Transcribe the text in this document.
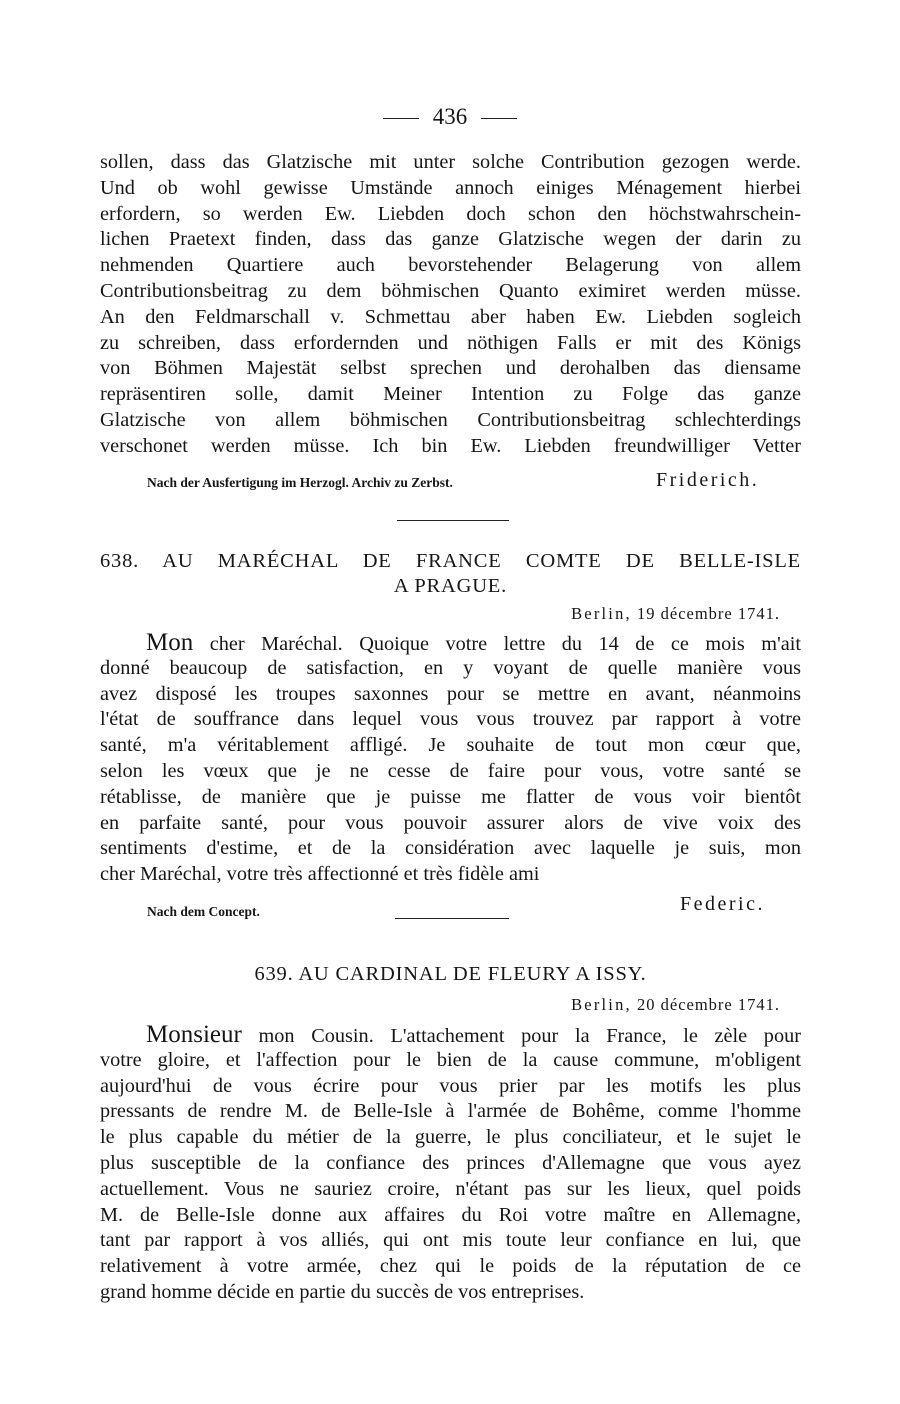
436
sollen, dass das Glatzische mit unter solche Contribution gezogen werde.
Und ob wohl gewisse Umstände annoch einiges Ménagement hierbei
erfordern, so werden Ew. Liebden doch schon den höchstwahrschein-
lichen Praetext finden, dass das ganze Glatzische wegen der darin zu
nehmenden Quartiere auch bevorstehender Belagerung von allem
Contributionsbeitrag zu dem böhmischen Quanto eximiret werden müsse.
An den Feldmarschall v. Schmettau aber haben Ew. Liebden sogleich
zu schreiben, dass erfordernden und nöthigen Falls er mit des Königs
von Böhmen Majestät selbst sprechen und derohalben das diensame
repräsentiren solle, damit Meiner Intention zu Folge das ganze
Glatzische von allem böhmischen Contributionsbeitrag schlechterdings
verschonet werden müsse. Ich bin Ew. Liebden freundwilliger Vetter
Nach der Ausfertigung im Herzogl. Archiv zu Zerbst.	Friderich.
638. AU MARÉCHAL DE FRANCE COMTE DE BELLE-ISLE
A PRAGUE.
Berlin, 19 décembre 1741.
Mon cher Maréchal. Quoique votre lettre du 14 de ce mois m'ait
donné beaucoup de satisfaction, en y voyant de quelle manière vous
avez disposé les troupes saxonnes pour se mettre en avant, néanmoins
l'état de souffrance dans lequel vous vous trouvez par rapport à votre
santé, m'a véritablement affligé. Je souhaite de tout mon cœur que,
selon les vœux que je ne cesse de faire pour vous, votre santé se
rétablisse, de manière que je puisse me flatter de vous voir bientôt
en parfaite santé, pour vous pouvoir assurer alors de vive voix des
sentiments d'estime, et de la considération avec laquelle je suis, mon
cher Maréchal, votre très affectionné et très fidèle ami
Nach dem Concept.	Federic.
639. AU CARDINAL DE FLEURY A ISSY.
Berlin, 20 décembre 1741.
Monsieur mon Cousin. L'attachement pour la France, le zèle pour
votre gloire, et l'affection pour le bien de la cause commune, m'obligent
aujourd'hui de vous écrire pour vous prier par les motifs les plus
pressants de rendre M. de Belle-Isle à l'armée de Bohême, comme l'homme
le plus capable du métier de la guerre, le plus conciliateur, et le sujet le
plus susceptible de la confiance des princes d'Allemagne que vous ayez
actuellement. Vous ne sauriez croire, n'étant pas sur les lieux, quel poids
M. de Belle-Isle donne aux affaires du Roi votre maître en Allemagne,
tant par rapport à vos alliés, qui ont mis toute leur confiance en lui, que
relativement à votre armée, chez qui le poids de la réputation de ce
grand homme décide en partie du succès de vos entreprises.
